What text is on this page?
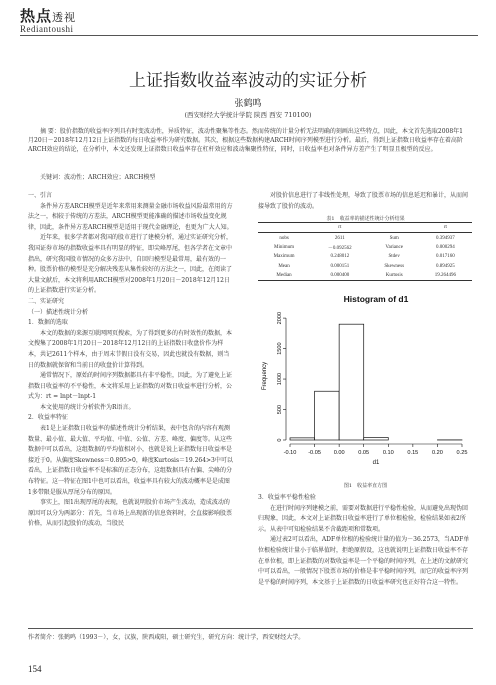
热点透视
Rediantoushi
上证指数收益率波动的实证分析
张鹤鸣
(西安财经大学统计学院 陕西 西安 710100)
摘 要：股价指数的收益率序列具有时变波动性，异质特征，波动性聚集等性态。然而传统的计量分析无法明确的刻画出这些特点，因此，本文首先选取2008年1月20日－2018年12月12日上证指数的每日收益率作为研究数据。其次，根据这些数据构建ARCH时间序列模型进行分析。最后，得到上证指数日收益率存在着高阶ARCH效应的结论，在分析中，本文还发现上证指数日收益率存在杠杆效应和波动集聚性特征，同时，日收益率也对条件异方差产生了明显且极型的反应。
关键词：波动性；ARCH效应；ARCH模型

一、引言

条件异方差ARCH模型是近年来常用来测量金融市场收益风险最常用的方法之一，相较于传统的方差法，ARCH模型更能准确的描述市场收益变化规律，因此，条件异方差ARCH模型是适用于现代金融理论，也更为广大人知。

近年来，很多学者都对我国的股市进行了建模分析，通过实证研究分析，我国证券市场的指数收益率具有明显的特征，即尖峰厚尾，但各学者在文章中指出，研究我国股市情况的众多方法中，自回归模型是最常用，最有效的一种。股票价格的模型是充分解决残差从集性较好的方法之一，因此，在阅读了大量文献后，本文将利用ARCH模型对2008年1月20日－2018年12月12日的上证指数进行实证分析。

二、实证研究

（一）描述性统计分析

1．数据的选取

本文的数据的来源互联网网页搜索，为了得到更多的有时效性的数据，本文搜集了2008年1月20日－2018年12月12日的上证指数日收盘价作为样本，共记2611个样本，由于周末节假日没有交易，因此也就没有数据，则当日的数据就保留和当前日的收盘价计算得到。

通常情况下，原始的时间序列数据都具有非平稳性，因此，为了避免上证指数日收益率的不平稳性，本文将采用上证指数的对数日收益率进行分析，公式为：rt = lnpt－lnpt-1

本文使用的统计分析软件为R语言。

2．收益率特征

表1是上证指数日收益率的描述性统计分析结果，表中包含的内容有观测数量、最小值、最大值、平均值、中值、公值、方差、峰度、偏度等。从这些数据中可以看出，这组数据的平均值相对小，也就是说上证指数每日收益率是接近于0。从偏度Skewness＝0.895>0，峰度Kurtosis＝19.264>3中可以看出，上证指数日收益率不是标准的正态分布，这组数据具有右偏、尖峰的分布特征。这一特征在图1中也可以看出，收益率具有较大的波动概率是是成图1多带限是服从厚尾分布的原因。

事实上，图1出现厚尾的表现，也就说明股价市场产生波动，造成波动的原因可以分为两部分：首先，当市场上出现新的信息资料时，会直接影响股票价格，从而引起股价的波动，当股民

对股价信息进行了非线性处理，导致了股票市场的信息延迟和暴计，从而间接导致了股价的波动。
表1　收益率的描述性统计分析结果
	rt		rt
nobs	2611	Sum	0.394937
Minimum	－0.092562	Variance	0.000294
Maximum	0.248012	Stdev	0.017160
Mean	0.000151	Skewness	0.894925
Median	0.000400	Kurtosis	19.264496
Histogram of d1
-0.10 -0.05 0.00 0.05 0.10 0.15 0.20 0.25
d1
0
500
1000
1500
2000
Frequency
图1　收益率直方图

3．收益率平稳性检验

在进行时间序列建模之前，需要对数据进行平稳性检验，从而避免出现伪回归现象，因此，本文对上证指数日收益率进行了单位根检验，检验结果如表2所示。从表中可知检验结果不含截距项和常数项。

通过表2可以看出，ADF单位根的检验统计量的值为－36.2573，当ADF单位根检验统计量小于临界值时，拒绝原假设，这也就说明上证指数日收益率不存在单位根，即上证指数的对数收益率是一个平稳的时间序列，在上述的文献研究中可以看出，一般情况下股票市场的价格是非平稳时间序列，而它的收益率序列是平稳的时间序列，本文基于上证指数的日收益率研究也正好符合这一特性。

作者简介：张鹤鸣（1993－），女，汉族，陕西咸阳，硕士研究生，研究方向：统计学，西安财经大学。
154
